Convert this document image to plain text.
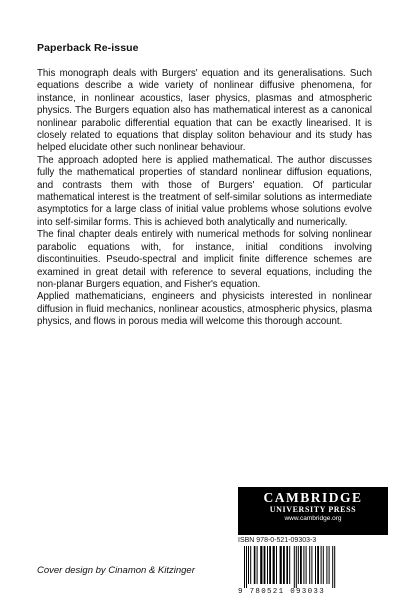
Paperback Re-issue

This monograph deals with Burgers' equation and its generalisations. Such equations describe a wide variety of nonlinear diffusive phenomena, for instance, in nonlinear acoustics, laser physics, plasmas and atmospheric physics. The Burgers equation also has mathematical interest as a canonical nonlinear parabolic differential equation that can be exactly linearised. It is closely related to equations that display soliton behaviour and its study has helped elucidate other such nonlinear behaviour.

The approach adopted here is applied mathematical. The author discusses fully the mathematical properties of standard nonlinear diffusion equations, and contrasts them with those of Burgers' equation. Of particular mathematical interest is the treatment of self-similar solutions as intermediate asymptotics for a large class of initial value problems whose solutions evolve into self-similar forms. This is achieved both analytically and numerically.

The final chapter deals entirely with numerical methods for solving nonlinear parabolic equations with, for instance, initial conditions involving discontinuities. Pseudo-spectral and implicit finite difference schemes are examined in great detail with reference to several equations, including the non-planar Burgers equation, and Fisher's equation.

Applied mathematicians, engineers and physicists interested in nonlinear diffusion in fluid mechanics, nonlinear acoustics, atmospheric physics, plasma physics, and flows in porous media will welcome this thorough account.

CAMBRIDGE
UNIVERSITY PRESS
www.cambridge.org
ISBN 978-0-521-09303-3
9 780521 093033
Cover design by Cinamon & Kitzinger
